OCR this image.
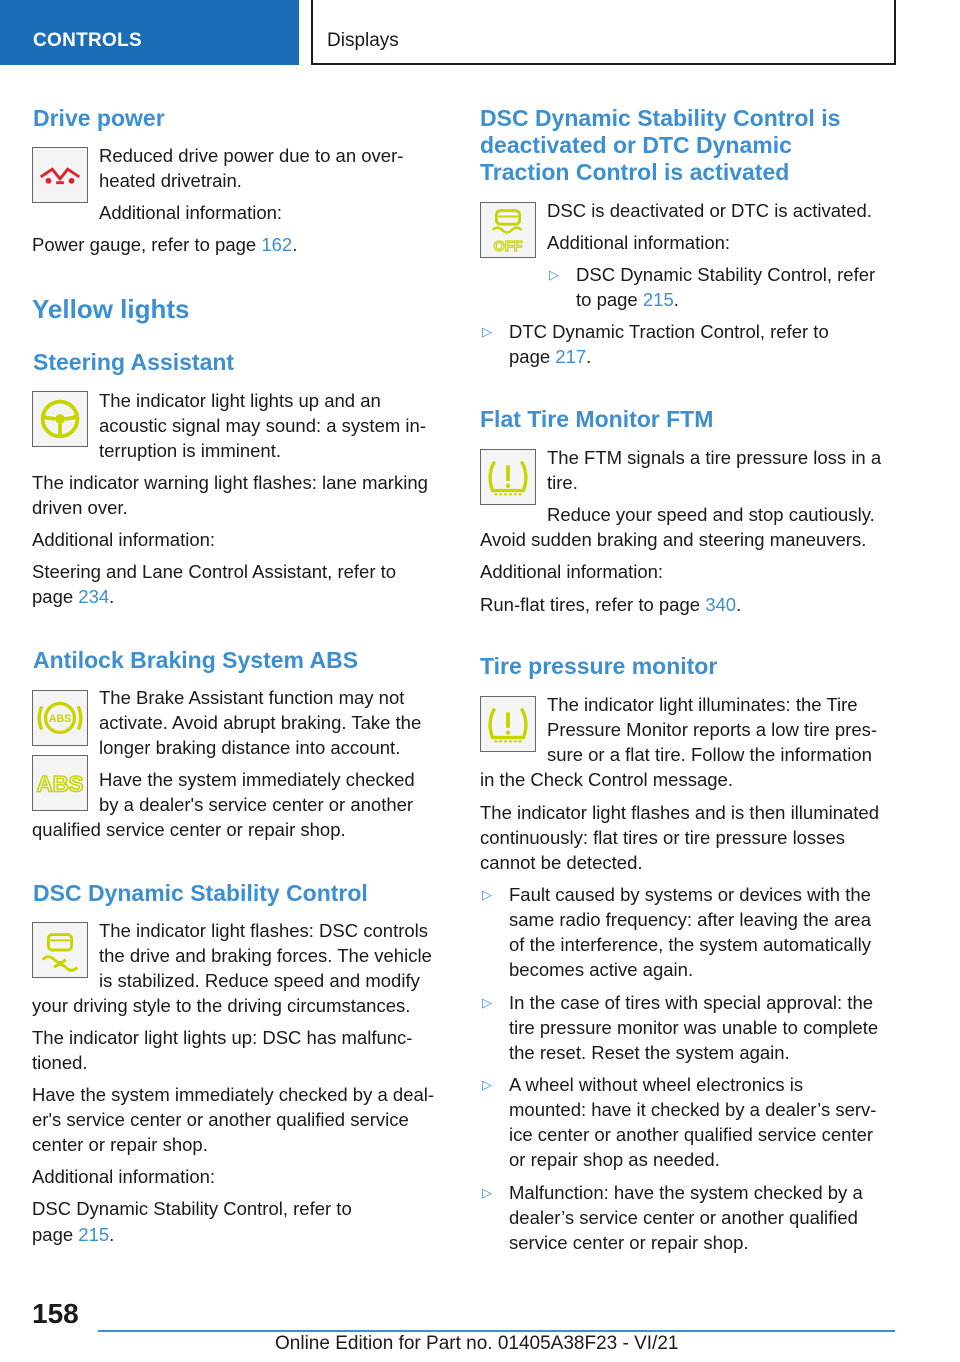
CONTROLS	Displays
Drive power
Reduced drive power due to an over-
heated drivetrain.
Additional information:
Power gauge, refer to page 162.
Yellow lights
Steering Assistant
The indicator light lights up and an
acoustic signal may sound: a system in-
terruption is imminent.
The indicator warning light flashes: lane marking
driven over.
Additional information:
Steering and Lane Control Assistant, refer to
page 234.
Antilock Braking System ABS
ABS
ABS
The Brake Assistant function may not
activate. Avoid abrupt braking. Take the
longer braking distance into account.
Have the system immediately checked
by a dealer's service center or another
qualified service center or repair shop.
DSC Dynamic Stability Control
The indicator light flashes: DSC controls
the drive and braking forces. The vehicle
is stabilized. Reduce speed and modify
your driving style to the driving circumstances.
The indicator light lights up: DSC has malfunc-
tioned.
Have the system immediately checked by a deal-
er's service center or another qualified service
center or repair shop.
Additional information:
DSC Dynamic Stability Control, refer to
page 215.
DSC Dynamic Stability Control is
deactivated or DTC Dynamic
Traction Control is activated
OFF
DSC is deactivated or DTC is activated.
Additional information:
▷ DSC Dynamic Stability Control, refer
to page 215.
▷ DTC Dynamic Traction Control, refer to
page 217.
Flat Tire Monitor FTM
The FTM signals a tire pressure loss in a
tire.
Reduce your speed and stop cautiously.
Avoid sudden braking and steering maneuvers.
Additional information:
Run-flat tires, refer to page 340.
Tire pressure monitor
The indicator light illuminates: the Tire
Pressure Monitor reports a low tire pres-
sure or a flat tire. Follow the information
in the Check Control message.
The indicator light flashes and is then illuminated
continuously: flat tires or tire pressure losses
cannot be detected.
▷ Fault caused by systems or devices with the
same radio frequency: after leaving the area
of the interference, the system automatically
becomes active again.
▷ In the case of tires with special approval: the
tire pressure monitor was unable to complete
the reset. Reset the system again.
▷ A wheel without wheel electronics is
mounted: have it checked by a dealer’s serv-
ice center or another qualified service center
or repair shop as needed.
▷ Malfunction: have the system checked by a
dealer’s service center or another qualified
service center or repair shop.
158
Online Edition for Part no. 01405A38F23 - VI/21
